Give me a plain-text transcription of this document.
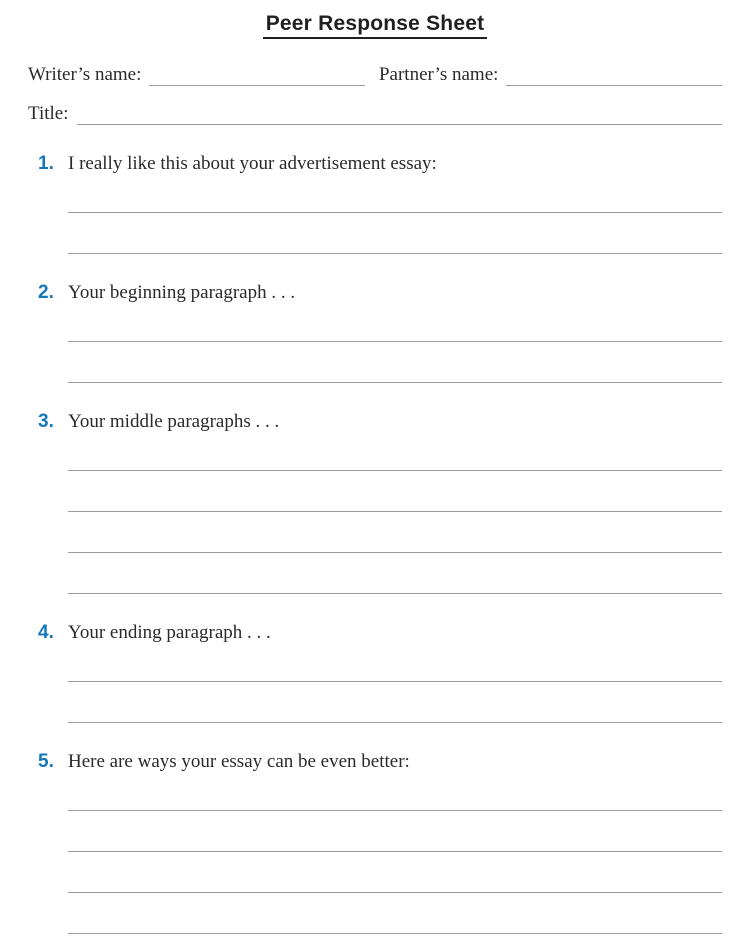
Peer Response Sheet
Writer’s name:	Partner’s name:
Title:
1. I really like this about your advertisement essay:
2. Your beginning paragraph . . .
3. Your middle paragraphs . . .
4. Your ending paragraph . . .
5. Here are ways your essay can be even better:
